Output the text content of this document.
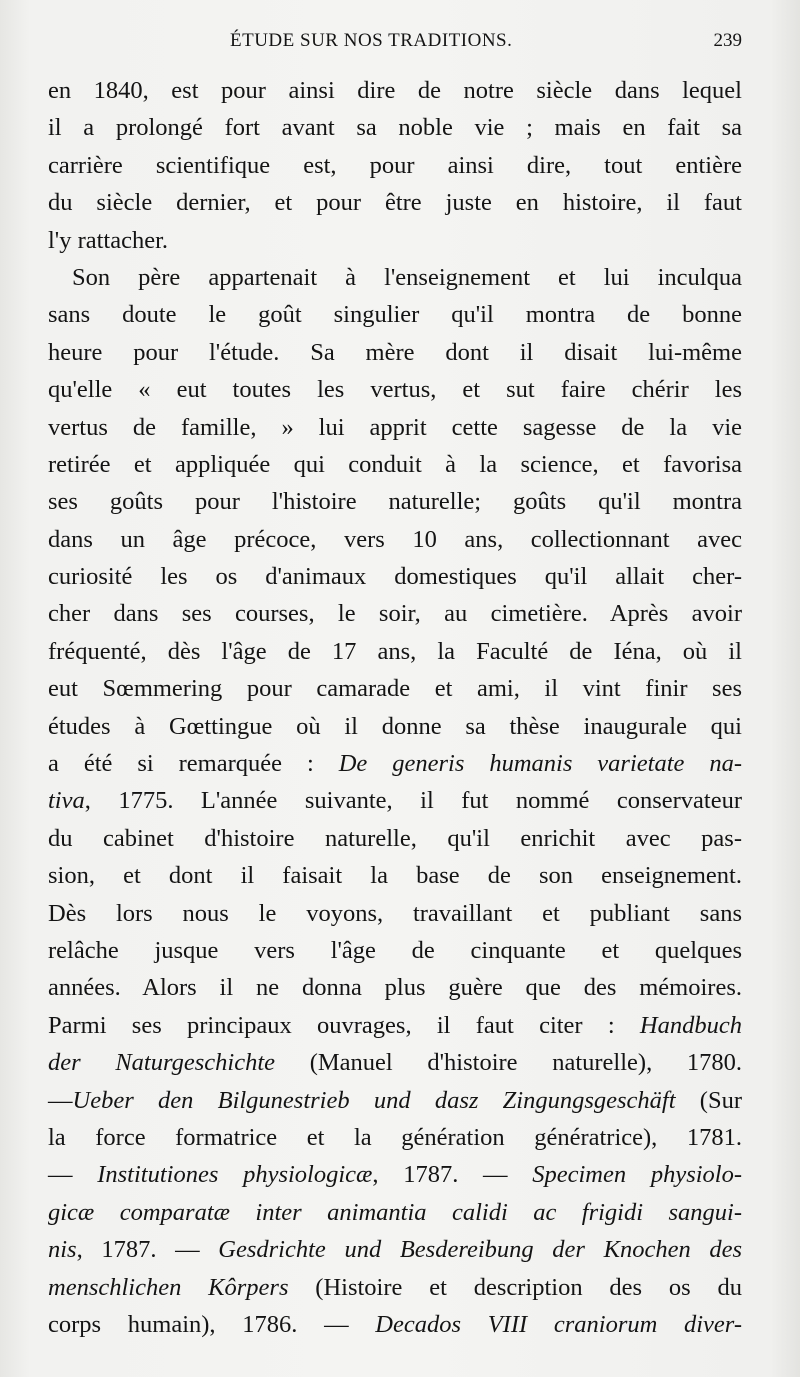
ÉTUDE SUR NOS TRADITIONS.	239
en 1840, est pour ainsi dire de notre siècle dans lequel
il a prolongé fort avant sa noble vie ; mais en fait sa
carrière scientifique est, pour ainsi dire, tout entière
du siècle dernier, et pour être juste en histoire, il faut
l'y rattacher.
Son père appartenait à l'enseignement et lui inculqua
sans doute le goût singulier qu'il montra de bonne
heure pour l'étude. Sa mère dont il disait lui-même
qu'elle « eut toutes les vertus, et sut faire chérir les
vertus de famille, » lui apprit cette sagesse de la vie
retirée et appliquée qui conduit à la science, et favorisa
ses goûts pour l'histoire naturelle; goûts qu'il montra
dans un âge précoce, vers 10 ans, collectionnant avec
curiosité les os d'animaux domestiques qu'il allait cher-
cher dans ses courses, le soir, au cimetière. Après avoir
fréquenté, dès l'âge de 17 ans, la Faculté de Iéna, où il
eut Sœmmering pour camarade et ami, il vint finir ses
études à Gœttingue où il donne sa thèse inaugurale qui
a été si remarquée : De generis humanis varietate na-
tiva, 1775. L'année suivante, il fut nommé conservateur
du cabinet d'histoire naturelle, qu'il enrichit avec pas-
sion, et dont il faisait la base de son enseignement.
Dès lors nous le voyons, travaillant et publiant sans
relâche jusque vers l'âge de cinquante et quelques
années. Alors il ne donna plus guère que des mémoires.
Parmi ses principaux ouvrages, il faut citer : Handbuch
der Naturgeschichte (Manuel d'histoire naturelle), 1780.
—Ueber den Bilgunestrieb und dasz Zingungsgeschäft (Sur
la force formatrice et la génération génératrice), 1781.
— Institutiones physiologicæ, 1787. — Specimen physiolo-
gicæ comparatæ inter animantia calidi ac frigidi sangui-
nis, 1787. — Gesdrichte und Besdereibung der Knochen des
menschlichen Kôrpers (Histoire et description des os du
corps humain), 1786. — Decados VIII craniorum diver-
